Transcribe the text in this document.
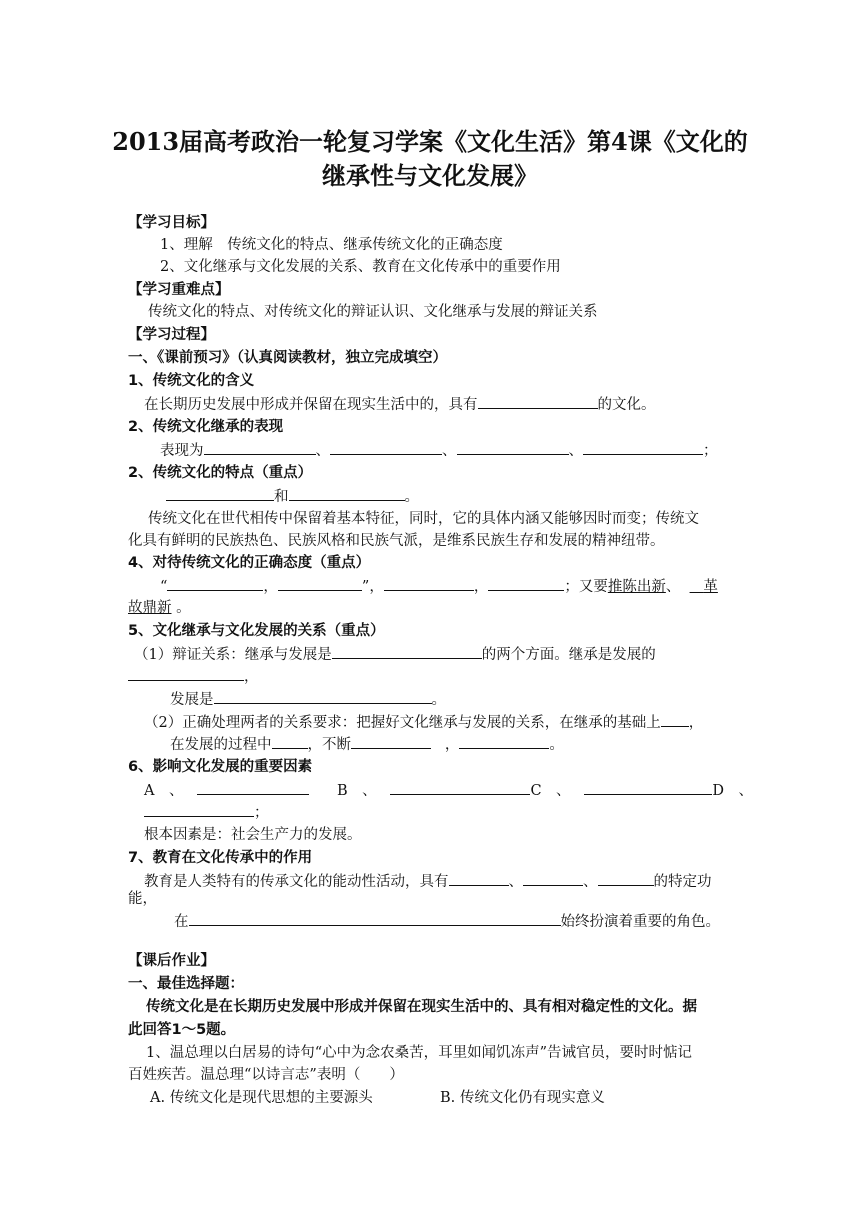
2013届高考政治一轮复习学案《文化生活》第4课《文化的
继承性与文化发展》
【学习目标】
1、理解　传统文化的特点、继承传统文化的正确态度
2、文化继承与文化发展的关系、教育在文化传承中的重要作用
【学习重难点】
传统文化的特点、对传统文化的辩证认识、文化继承与发展的辩证关系
【学习过程】
一、《课前预习》（认真阅读教材，独立完成填空）
1、传统文化的含义
在长期历史发展中形成并保留在现实生活中的，具有	的文化。
2、传统文化继承的表现
表现为	、	、	、	；
2、传统文化的特点（重点）
和	。
传统文化在世代相传中保留着基本特征，同时，它的具体内涵又能够因时而变；传统文
化具有鲜明的民族热色、民族风格和民族气派，是维系民族生存和发展的精神纽带。
4、对待传统文化的正确态度（重点）
“	，	”，	，	；又要推陈出新、     革
故鼎新 。
5、文化继承与文化发展的关系（重点）
（1）辩证关系：继承与发展是	的两个方面。继承是发展的
，
发展是	。
（2）正确处理两者的关系要求：把握好文化继承与发展的关系，在继承的基础上 ，
在发展的过程中 ，不断	，	。
6、影响文化发展的重要因素
A　、	B　、	C　、	D　、
；
根本因素是：社会生产力的发展。
7、教育在文化传承中的作用
教育是人类特有的传承文化的能动性活动，具有	、	、	的特定功
能，
在	始终扮演着重要的角色。
【课后作业】
一、最佳选择题：
传统文化是在长期历史发展中形成并保留在现实生活中的、具有相对稳定性的文化。据
此回答1～5题。
1、温总理以白居易的诗句“心中为念农桑苦，耳里如闻饥冻声”告诫官员，要时时惦记
百姓疾苦。温总理“以诗言志”表明（　　）
A. 传统文化是现代思想的主要源头	B. 传统文化仍有现实意义
